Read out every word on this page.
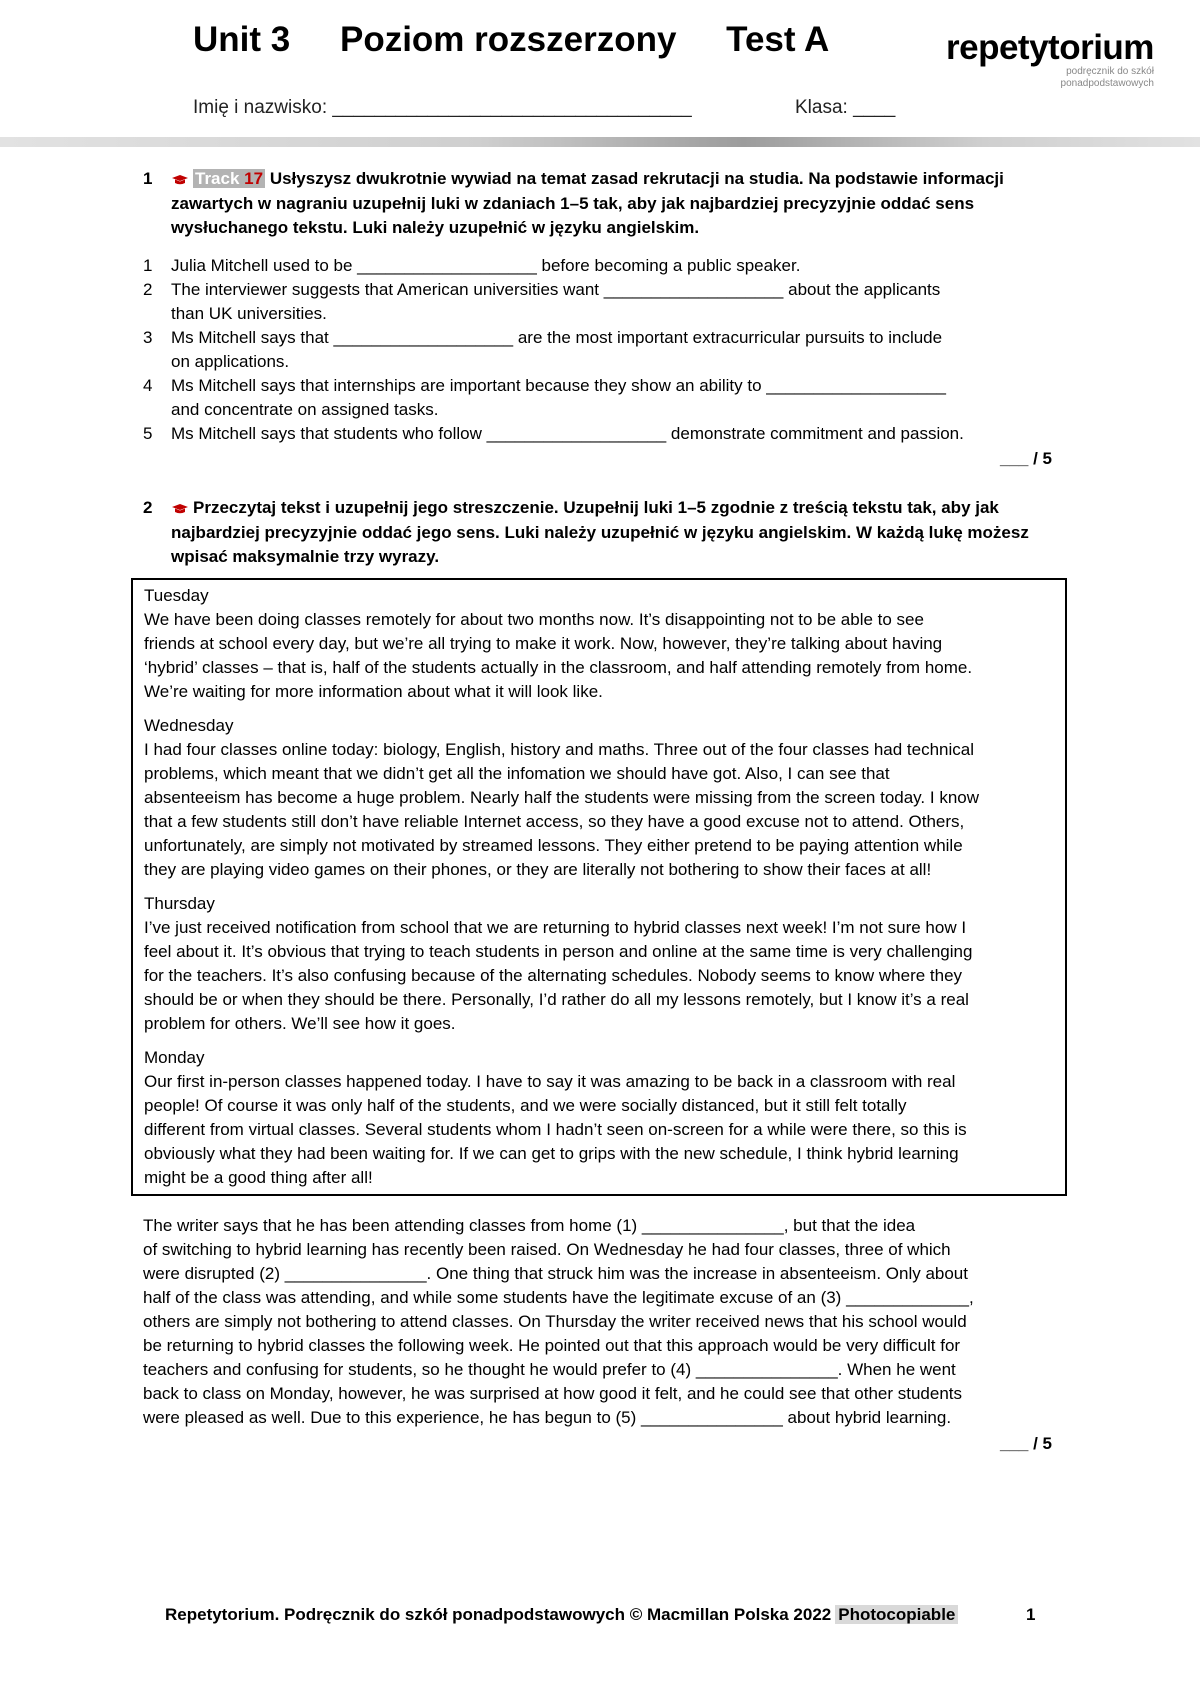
Unit 3 Poziom rozszerzony Test A	repetytorium
podręcznik do szkół
ponadpodstawowych
Imię i nazwisko: __________________________________	Klasa: ____
1	Track 17 Usłyszysz dwukrotnie wywiad na temat zasad rekrutacji na studia. Na podstawie informacji
zawartych w nagraniu uzupełnij luki w zdaniach 1–5 tak, aby jak najbardziej precyzyjnie oddać sens
wysłuchanego tekstu. Luki należy uzupełnić w języku angielskim.
1 Julia Mitchell used to be ___________________ before becoming a public speaker.
2 The interviewer suggests that American universities want ___________________ about the applicants
than UK universities.
3 Ms Mitchell says that ___________________ are the most important extracurricular pursuits to include
on applications.
4 Ms Mitchell says that internships are important because they show an ability to ___________________
and concentrate on assigned tasks.
5 Ms Mitchell says that students who follow ___________________ demonstrate commitment and passion.
___ / 5
2	Przeczytaj tekst i uzupełnij jego streszczenie. Uzupełnij luki 1–5 zgodnie z treścią tekstu tak, aby jak
najbardziej precyzyjnie oddać jego sens. Luki należy uzupełnić w języku angielskim. W każdą lukę możesz
wpisać maksymalnie trzy wyrazy.
Tuesday
We have been doing classes remotely for about two months now. It’s disappointing not to be able to see
friends at school every day, but we’re all trying to make it work. Now, however, they’re talking about having
‘hybrid’ classes – that is, half of the students actually in the classroom, and half attending remotely from home.
We’re waiting for more information about what it will look like.
Wednesday
I had four classes online today: biology, English, history and maths. Three out of the four classes had technical
problems, which meant that we didn’t get all the infomation we should have got. Also, I can see that
absenteeism has become a huge problem. Nearly half the students were missing from the screen today. I know
that a few students still don’t have reliable Internet access, so they have a good excuse not to attend. Others,
unfortunately, are simply not motivated by streamed lessons. They either pretend to be paying attention while
they are playing video games on their phones, or they are literally not bothering to show their faces at all!
Thursday
I’ve just received notification from school that we are returning to hybrid classes next week! I’m not sure how I
feel about it. It’s obvious that trying to teach students in person and online at the same time is very challenging
for the teachers. It’s also confusing because of the alternating schedules. Nobody seems to know where they
should be or when they should be there. Personally, I’d rather do all my lessons remotely, but I know it’s a real
problem for others. We’ll see how it goes.
Monday
Our first in-person classes happened today. I have to say it was amazing to be back in a classroom with real
people! Of course it was only half of the students, and we were socially distanced, but it still felt totally
different from virtual classes. Several students whom I hadn’t seen on-screen for a while were there, so this is
obviously what they had been waiting for. If we can get to grips with the new schedule, I think hybrid learning
might be a good thing after all!
The writer says that he has been attending classes from home (1) _______________, but that the idea
of switching to hybrid learning has recently been raised. On Wednesday he had four classes, three of which
were disrupted (2) _______________. One thing that struck him was the increase in absenteeism. Only about
half of the class was attending, and while some students have the legitimate excuse of an (3) _____________,
others are simply not bothering to attend classes. On Thursday the writer received news that his school would
be returning to hybrid classes the following week. He pointed out that this approach would be very difficult for
teachers and confusing for students, so he thought he would prefer to (4) _______________. When he went
back to class on Monday, however, he was surprised at how good it felt, and he could see that other students
were pleased as well. Due to this experience, he has begun to (5) _______________ about hybrid learning.
___ / 5
Repetytorium. Podręcznik do szkół ponadpodstawowych © Macmillan Polska 2022 Photocopiable	1
